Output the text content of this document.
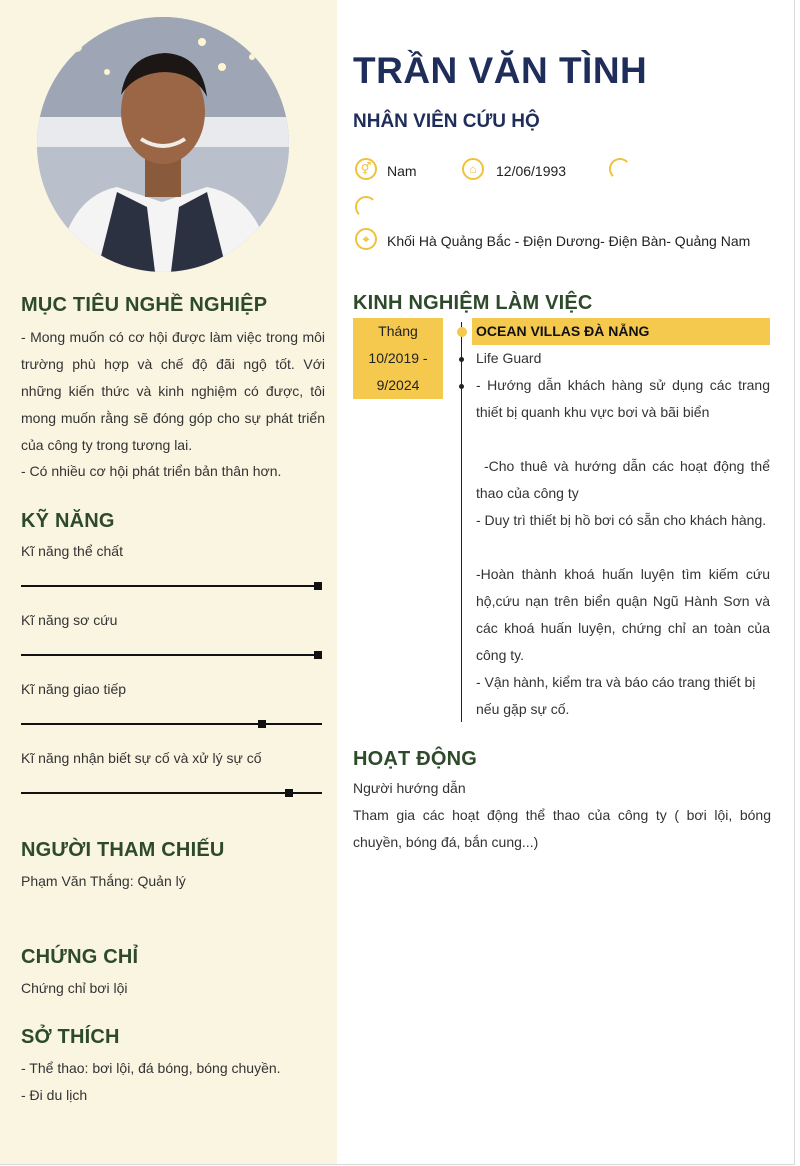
MỤC TIÊU NGHỀ NGHIỆP
- Mong muốn có cơ hội được làm việc trong môi trường phù hợp và chế độ đãi ngộ tốt. Với những kiến thức và kinh nghiệm có được, tôi mong muốn rằng sẽ đóng góp cho sự phát triển của công ty trong tương lai.
- Có nhiều cơ hội phát triển bản thân hơn.
KỸ NĂNG
Kĩ năng thể chất
Kĩ năng sơ cứu
Kĩ năng giao tiếp
Kĩ năng nhận biết sự cố và xử lý sự cố
NGƯỜI THAM CHIẾU
Phạm Văn Thắng: Quản lý
CHỨNG CHỈ
Chứng chỉ bơi lội
SỞ THÍCH
- Thể thao: bơi lội, đá bóng, bóng chuyền.
- Đi du lịch
TRẦN VĂN TÌNH
NHÂN VIÊN CỨU HỘ
⚥	Nam	⌂	12/06/1993
⌖	Khối Hà Quảng Bắc - Điện Dương- Điện Bàn- Quảng Nam
KINH NGHIỆM LÀM VIỆC
Tháng
10/2019 -
9/2024
OCEAN VILLAS ĐÀ NẴNG
Life Guard
- Hướng dẫn khách hàng sử dụng các trang thiết bị quanh khu vực bơi và bãi biển
-Cho thuê và hướng dẫn các hoạt động thể thao của công ty
- Duy trì thiết bị hồ bơi có sẵn cho khách hàng.
-Hoàn thành khoá huấn luyện tìm kiếm cứu hộ,cứu nạn trên biển quận Ngũ Hành Sơn và các khoá huấn luyện, chứng chỉ an toàn của công ty.
- Vận hành, kiểm tra và báo cáo trang thiết bị nếu gặp sự cố.
HOẠT ĐỘNG
Người hướng dẫn
Tham gia các hoạt động thể thao của công ty ( bơi lội, bóng chuyền, bóng đá, bắn cung...)
